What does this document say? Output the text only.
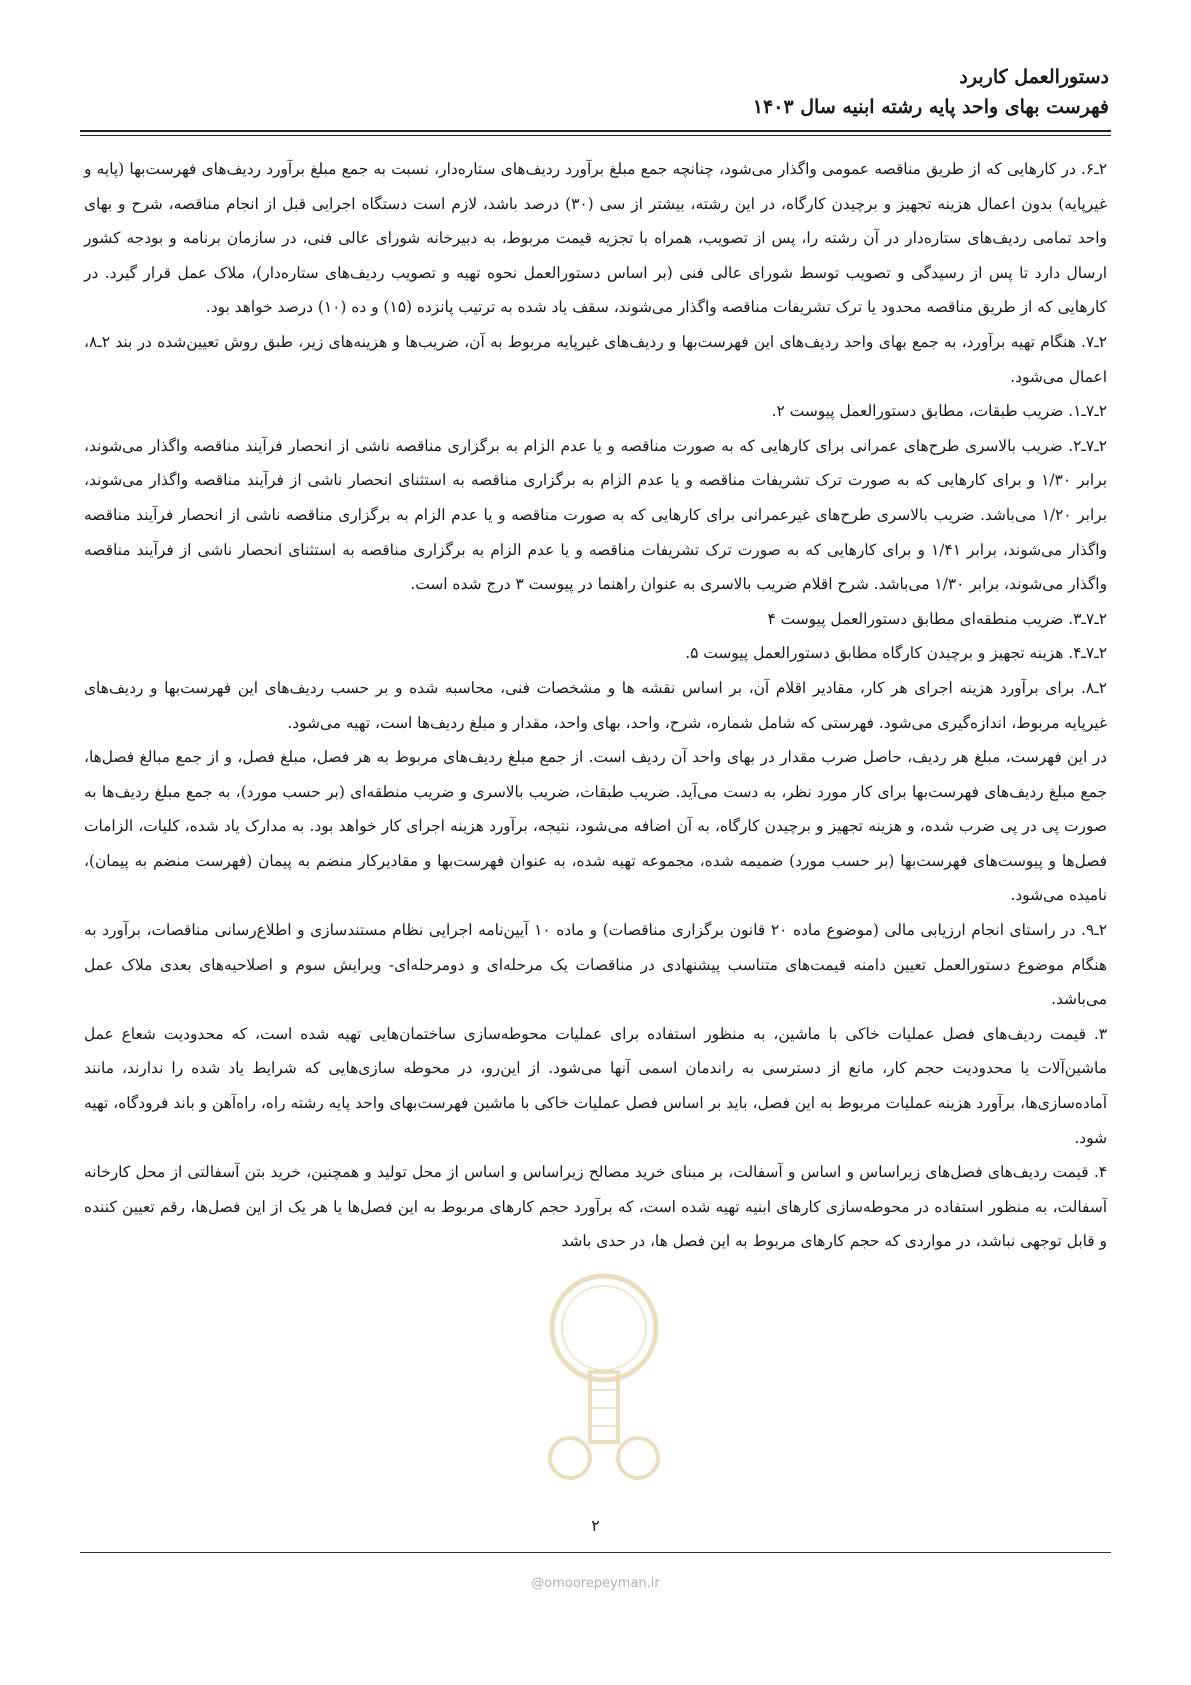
دستورالعمل کاربرد
فهرست بهای واحد پایه رشته ابنیه سال ۱۴۰۳

۲ـ۶. در کارهایی که از طریق مناقصه عمومی واگذار می‌شود، چنانچه جمع مبلغ برآورد ردیف‌های ستاره‌دار، نسبت به جمع مبلغ برآورد ردیف‌های فهرست‌بها (پایه و غیرپایه) بدون اعمال هزینه تجهیز و برچیدن کارگاه، در این رشته، بیشتر از سی (۳۰) درصد باشد، لازم است دستگاه اجرایی قبل از انجام مناقصه، شرح و بهای واحد تمامی ردیف‌های ستاره‌دار در آن رشته را، پس از تصویب، همراه با تجزیه قیمت مربوط، به دبیرخانه شورای عالی فنی، در سازمان برنامه و بودجه کشور ارسال دارد تا پس از رسیدگی و تصویب توسط شورای عالی فنی (بر اساس دستورالعمل نحوه تهیه و تصویب ردیف‌های ستاره‌دار)، ملاک عمل قرار گیرد. در کارهایی که از طریق مناقصه محدود یا ترک تشریفات مناقصه واگذار می‌شوند، سقف یاد شده به ترتیب پانزده (۱۵) و ده (۱۰) درصد خواهد بود.

۲ـ۷. هنگام تهیه برآورد، به جمع بهای واحد ردیف‌های این فهرست‌بها و ردیف‌های غیرپایه مربوط به آن، ضریب‌ها و هزینه‌های زیر، طبق روش تعیین‌شده در بند ۲ـ۸، اعمال می‌شود.

۲ـ۷ـ۱. ضریب طبقات، مطابق دستورالعمل پیوست ۲.

۲ـ۷ـ۲. ضریب بالاسری طرح‌های عمرانی برای کارهایی که به صورت مناقصه و یا عدم الزام به برگزاری مناقصه ناشی از انحصار فرآیند مناقصه واگذار می‌شوند، برابر ۱/۳۰ و برای کارهایی که به صورت ترک تشریفات مناقصه و یا عدم الزام به برگزاری مناقصه به استثنای انحصار ناشی از فرآیند مناقصه واگذار می‌شوند، برابر ۱/۲۰ می‌باشد. ضریب بالاسری طرح‌های غیرعمرانی برای کارهایی که به صورت مناقصه و یا عدم الزام به برگزاری مناقصه ناشی از انحصار فرآیند مناقصه واگذار می‌شوند، برابر ۱/۴۱ و برای کارهایی که به صورت ترک تشریفات مناقصه و یا عدم الزام به برگزاری مناقصه به استثنای انحصار ناشی از فرآیند مناقصه واگذار می‌شوند، برابر ۱/۳۰ می‌باشد. شرح اقلام ضریب بالاسری به عنوان راهنما در پیوست ۳ درج شده است.

۲ـ۷ـ۳. ضریب منطقه‌ای مطابق دستورالعمل پیوست ۴

۲ـ۷ـ۴. هزینه تجهیز و برچیدن کارگاه مطابق دستورالعمل پیوست ۵.

۲ـ۸. برای برآورد هزینه اجرای هر کار، مقادیر اقلام آن، بر اساس نقشه ها و مشخصات فنی، محاسبه شده و بر حسب ردیف‌های این فهرست‌بها و ردیف‌های غیرپایه مربوط، اندازه‌گیری می‌شود. فهرستی که شامل شماره، شرح، واحد، بهای واحد، مقدار و مبلغ ردیف‌ها است، تهیه می‌شود.

در این فهرست، مبلغ هر ردیف، حاصل ضرب مقدار در بهای واحد آن ردیف است. از جمع مبلغ ردیف‌های مربوط به هر فصل، مبلغ فصل، و از جمع مبالغ فصل‌ها، جمع مبلغ ردیف‌های فهرست‌بها برای کار مورد نظر، به دست می‌آید. ضریب طبقات، ضریب بالاسری و ضریب منطقه‌ای (بر حسب مورد)، به جمع مبلغ ردیف‌ها به صورت پی در پی ضرب شده، و هزینه تجهیز و برچیدن کارگاه، به آن اضافه می‌شود، نتیجه، برآورد هزینه اجرای کار خواهد بود. به مدارک یاد شده، کلیات، الزامات فصل‌ها و پیوست‌های فهرست‌بها (بر حسب مورد) ضمیمه شده، مجموعه تهیه شده، به عنوان فهرست‌بها و مقادیرکار منضم به پیمان (فهرست منضم به پیمان)، نامیده می‌شود.

۲ـ۹. در راستای انجام ارزیابی مالی (موضوع ماده ۲۰ قانون برگزاری مناقصات) و ماده ۱۰ آیین‌نامه اجرایی نظام مستندسازی و اطلاع‌رسانی مناقصات، برآورد به هنگام موضوع دستورالعمل تعیین دامنه قیمت‌های متناسب پیشنهادی در مناقصات یک مرحله‌ای و دومرحله‌ای- ویرایش سوم و اصلاحیه‌های بعدی ملاک عمل می‌باشد.

۳. قیمت ردیف‌های فصل عملیات خاکی با ماشین، به منظور استفاده برای عملیات محوطه‌سازی ساختمان‌هایی تهیه شده است، که محدودیت شعاع عمل ماشین‌آلات یا محدودیت حجم کار، مانع از دسترسی به راندمان اسمی آنها می‌شود. از این‌رو، در محوطه سازی‌هایی که شرایط یاد شده را ندارند، مانند آماده‌سازی‌ها، برآورد هزینه عملیات مربوط به این فصل، باید بر اساس فصل عملیات خاکی با ماشین فهرست‌بهای واحد پایه رشته راه، راه‌آهن و باند فرودگاه، تهیه شود.

۴. قیمت ردیف‌های فصل‌های زیراساس و اساس و آسفالت، بر مبنای خرید مصالح زیراساس و اساس از محل تولید و همچنین، خرید بتن آسفالتی از محل کارخانه آسفالت، به منظور استفاده در محوطه‌سازی کارهای ابنیه تهیه شده است، که برآورد حجم کارهای مربوط به این فصل‌ها یا هر یک از این فصل‌ها، رقم تعیین کننده و قابل توجهی نباشد، در مواردی که حجم کارهای مربوط به این فصل ها، در حدی باشد

۲
@omoorepeyman.ir
